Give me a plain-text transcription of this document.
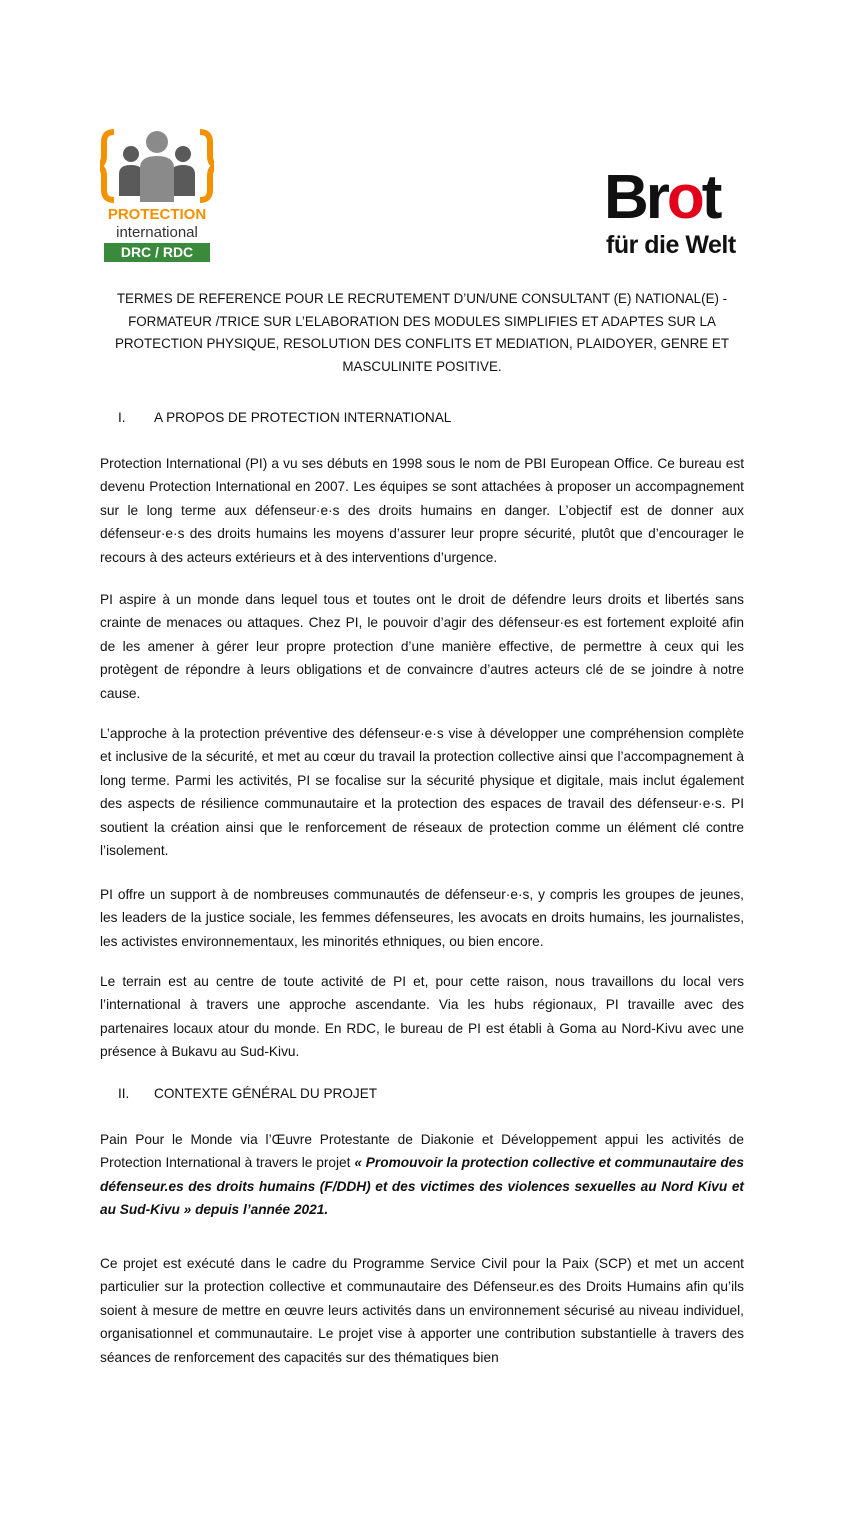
PROTECTION
international
DRC / RDC
Brot
für die Welt
TERMES DE REFERENCE POUR LE RECRUTEMENT D’UN/UNE CONSULTANT (E) NATIONAL(E) - FORMATEUR /TRICE SUR L’ELABORATION DES MODULES SIMPLIFIES ET ADAPTES SUR LA PROTECTION PHYSIQUE, RESOLUTION DES CONFLITS ET MEDIATION, PLAIDOYER, GENRE ET MASCULINITE POSITIVE.
I. A PROPOS DE PROTECTION INTERNATIONAL
Protection International (PI) a vu ses débuts en 1998 sous le nom de PBI European Office. Ce bureau est devenu Protection International en 2007. Les équipes se sont attachées à proposer un accompagnement sur le long terme aux défenseur·e·s des droits humains en danger. L’objectif est de donner aux défenseur·e·s des droits humains les moyens d’assurer leur propre sécurité, plutôt que d’encourager le recours à des acteurs extérieurs et à des interventions d’urgence.
PI aspire à un monde dans lequel tous et toutes ont le droit de défendre leurs droits et libertés sans crainte de menaces ou attaques. Chez PI, le pouvoir d’agir des défenseur·es est fortement exploité afin de les amener à gérer leur propre protection d’une manière effective, de permettre à ceux qui les protègent de répondre à leurs obligations et de convaincre d’autres acteurs clé de se joindre à notre cause.
L’approche à la protection préventive des défenseur·e·s vise à développer une compréhension complète et inclusive de la sécurité, et met au cœur du travail la protection collective ainsi que l’accompagnement à long terme. Parmi les activités, PI se focalise sur la sécurité physique et digitale, mais inclut également des aspects de résilience communautaire et la protection des espaces de travail des défenseur·e·s. PI soutient la création ainsi que le renforcement de réseaux de protection comme un élément clé contre l’isolement.
PI offre un support à de nombreuses communautés de défenseur·e·s, y compris les groupes de jeunes, les leaders de la justice sociale, les femmes défenseures, les avocats en droits humains, les journalistes, les activistes environnementaux, les minorités ethniques, ou bien encore.
Le terrain est au centre de toute activité de PI et, pour cette raison, nous travaillons du local vers l’international à travers une approche ascendante. Via les hubs régionaux, PI travaille avec des partenaires locaux atour du monde. En RDC, le bureau de PI est établi à Goma au Nord-Kivu avec une présence à Bukavu au Sud-Kivu.
II. CONTEXTE GÉNÉRAL DU PROJET
Pain Pour le Monde via l’Œuvre Protestante de Diakonie et Développement appui les activités de Protection International à travers le projet « Promouvoir la protection collective et communautaire des défenseur.es des droits humains (F/DDH) et des victimes des violences sexuelles au Nord Kivu et au Sud-Kivu » depuis l’année 2021.
Ce projet est exécuté dans le cadre du Programme Service Civil pour la Paix (SCP) et met un accent particulier sur la protection collective et communautaire des Défenseur.es des Droits Humains afin qu’ils soient à mesure de mettre en œuvre leurs activités dans un environnement sécurisé au niveau individuel, organisationnel et communautaire. Le projet vise à apporter une contribution substantielle à travers des séances de renforcement des capacités sur des thématiques bien
